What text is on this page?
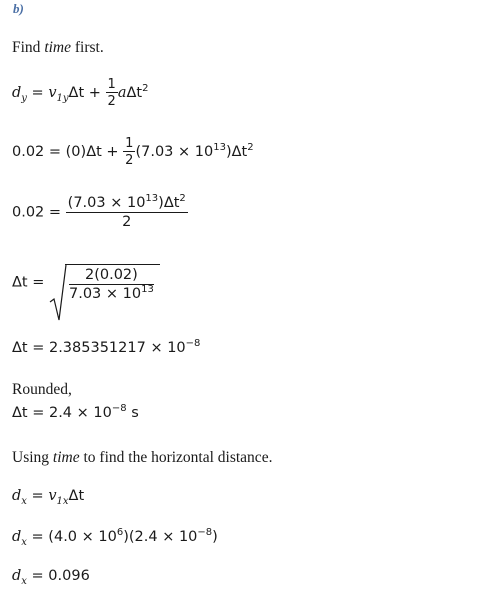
b)
Find time first.
$d_y = v_{1y}\Delta t + \frac{1}{2} a\Delta t^2$
$0.02 = (0)\Delta t + \frac{1}{2} (7.03 \times 10^{13})\Delta t^2$
$0.02 = \frac{(7.03 \times 10^{13})\Delta t^2}{2}$
$\Delta t = \frac{2(0.02)}{7.03 \times 10^{13}}$
$\Delta t = 2.385351217 \times 10^{-8}$
Rounded,
$\Delta t = 2.4 \times 10^{-8}$ s
Using time to find the horizontal distance.
$d_x = v_{1x}\Delta t$
$d_x = (4.0 \times 10^6)(2.4 \times 10^{-8})$
$d_x = 0.096$
